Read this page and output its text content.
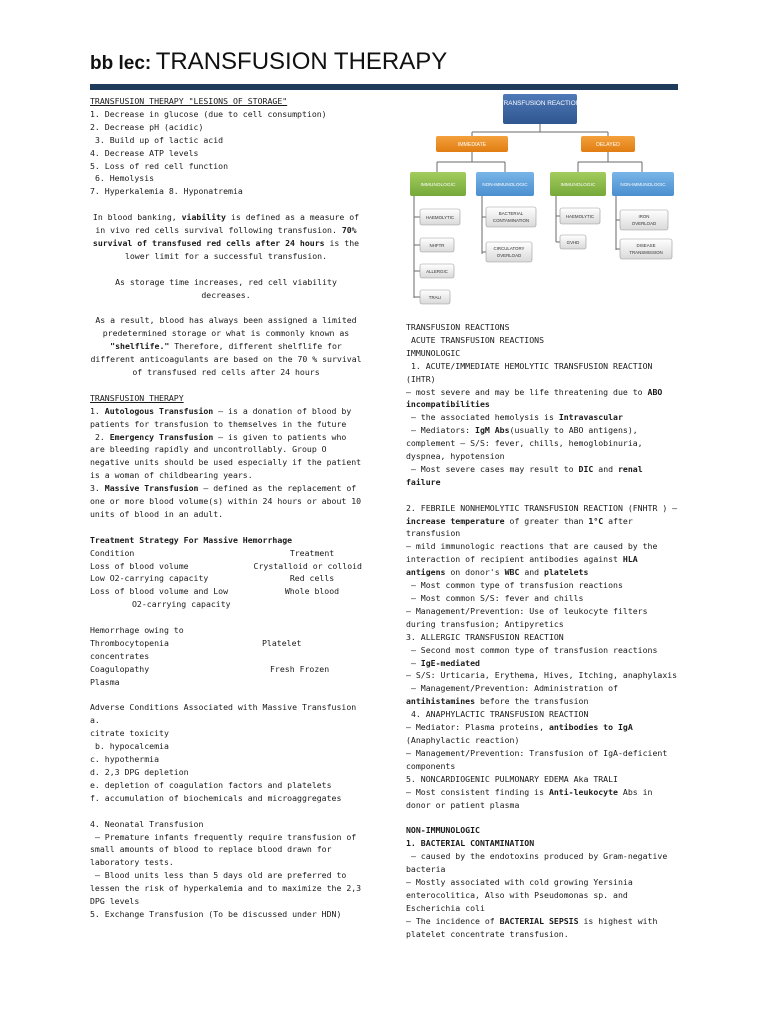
bb lec: TRANSFUSION THERAPY
TRANSFUSION THERAPY "LESIONS OF STORAGE"
1. Decrease in glucose (due to cell consumption)
2. Decrease pH (acidic)
3. Build up of lactic acid
4. Decrease ATP levels
5. Loss of red cell function
6. Hemolysis
7. Hyperkalemia 8. Hyponatremia
In blood banking, viability is defined as a measure of in vivo red cells survival following transfusion. 70% survival of transfused red cells after 24 hours is the lower limit for a successful transfusion.
As storage time increases, red cell viability decreases.
As a result, blood has always been assigned a limited predetermined storage or what is commonly known as "shelflife." Therefore, different shelflife for different anticoagulants are based on the 70 % survival of transfused red cells after 24 hours
TRANSFUSION THERAPY
1. Autologous Transfusion – is a donation of blood by patients for transfusion to themselves in the future
2. Emergency Transfusion – is given to patients who are bleeding rapidly and uncontrollably. Group O negative units should be used especially if the patient is a woman of childbearing years.
3. Massive Transfusion – defined as the replacement of one or more blood volume(s) within 24 hours or about 10 units of blood in an adult.
Treatment Strategy For Massive Hemorrhage
Condition	Treatment
Loss of blood volume	Crystalloid or colloid
Low O2-carrying capacity	Red cells
Loss of blood volume and Low	Whole blood
O2-carrying capacity
Hemorrhage owing to
Thrombocytopenia	Platelet
concentrates
Coagulopathy	Fresh Frozen
Plasma
Adverse Conditions Associated with Massive Transfusion a.
citrate toxicity
b. hypocalcemia
c. hypothermia
d. 2,3 DPG depletion
e. depletion of coagulation factors and platelets
f. accumulation of biochemicals and microaggregates
4. Neonatal Transfusion
– Premature infants frequently require transfusion of small amounts of blood to replace blood drawn for laboratory tests.
– Blood units less than 5 days old are preferred to lessen the risk of hyperkalemia and to maximize the 2,3 DPG levels
5. Exchange Transfusion (To be discussed under HDN)
TRANSFUSION REACTION
IMMEDIATE	DELAYED
IMMUNOLOGIC	NON-IMMUNOLOGIC	IMMUNOLOGIC	NON-IMMUNOLOGIC
HAEMOLYTIC
NHFTR
ALLERGIC
TRALI
BACTERIAL
CONTAMINATION
CIRCULATORY
OVERLOAD
HAEMOLYTIC
GVHD
IRON
OVERLOAD
DISEASE
TRANSMISSION
TRANSFUSION REACTIONS
ACUTE TRANSFUSION REACTIONS
IMMUNOLOGIC
1. ACUTE/IMMEDIATE HEMOLYTIC TRANSFUSION REACTION (IHTR)
– most severe and may be life threatening due to ABO incompatibilities
– the associated hemolysis is Intravascular
– Mediators: IgM Abs(usually to ABO antigens), complement – S/S: fever, chills, hemoglobinuria, dyspnea, hypotension
– Most severe cases may result to DIC and renal failure
2. FEBRILE NONHEMOLYTIC TRANSFUSION REACTION (FNHTR ) – increase temperature of greater than 1°C after transfusion
– mild immunologic reactions that are caused by the interaction of recipient antibodies against HLA antigens on donor's WBC and platelets
– Most common type of transfusion reactions
– Most common S/S: fever and chills
– Management/Prevention: Use of leukocyte filters during transfusion; Antipyretics
3. ALLERGIC TRANSFUSION REACTION
– Second most common type of transfusion reactions
– IgE-mediated
– S/S: Urticaria, Erythema, Hives, Itching, anaphylaxis
– Management/Prevention: Administration of antihistamines before the transfusion
4. ANAPHYLACTIC TRANSFUSION REACTION
– Mediator: Plasma proteins, antibodies to IgA (Anaphylactic reaction)
– Management/Prevention: Transfusion of IgA-deficient components
5. NONCARDIOGENIC PULMONARY EDEMA Aka TRALI
– Most consistent finding is Anti-leukocyte Abs in donor or patient plasma
NON-IMMUNOLOGIC
1. BACTERIAL CONTAMINATION
– caused by the endotoxins produced by Gram-negative bacteria
– Mostly associated with cold growing Yersinia enterocolitica, Also with Pseudomonas sp. and Escherichia coli
– The incidence of BACTERIAL SEPSIS is highest with platelet concentrate transfusion.
